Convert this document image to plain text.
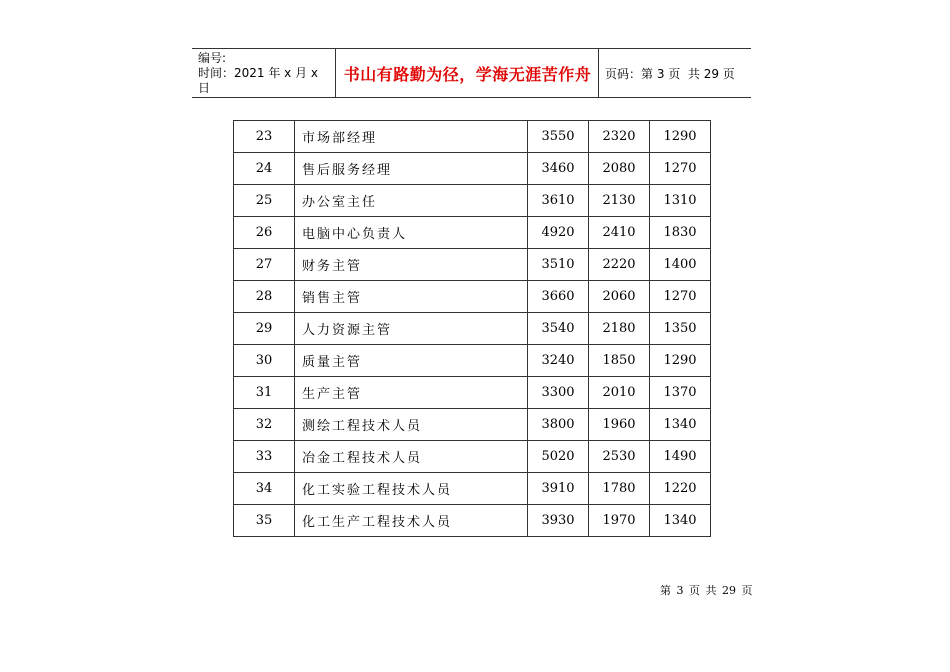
编号:
时间：2021 年 x 月 x 日
书山有路勤为径，学海无涯苦作舟	页码：第 3 页  共 29 页
23	市场部经理	3550	2320	1290
24	售后服务经理	3460	2080	1270
25	办公室主任	3610	2130	1310
26	电脑中心负责人	4920	2410	1830
27	财务主管	3510	2220	1400
28	销售主管	3660	2060	1270
29	人力资源主管	3540	2180	1350
30	质量主管	3240	1850	1290
31	生产主管	3300	2010	1370
32	测绘工程技术人员	3800	1960	1340
33	冶金工程技术人员	5020	2530	1490
34	化工实验工程技术人员	3910	1780	1220
35	化工生产工程技术人员	3930	1970	1340
第 3 页 共 29 页
